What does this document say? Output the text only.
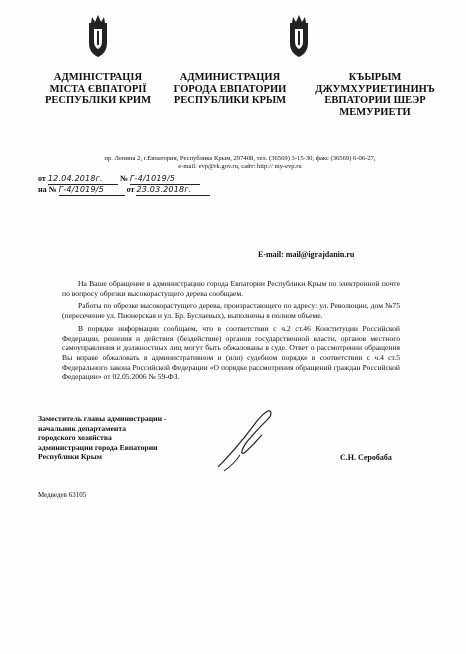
АДМІНІСТРАЦІЯ
МІСТА ЄВПАТОРІЇ
РЕСПУБЛІКИ КРИМ
АДМИНИСТРАЦИЯ
ГОРОДА ЕВПАТОРИИ
РЕСПУБЛИКИ КРЫМ
КЪЫРЫМ
ДЖУМХУРИЕТИНИНЪ
ЕВПАТОРИИ ШЕЭР
МЕМУРИЕТИ
пр. Ленина 2, г.Евпатория, Республика Крым, 297408, тел. (36569) 3-15-30, факс (36569) 6-06-27,
e-mail: evp@rk.gov.ru, сайт: http:// my-evp.ru
от 12.04.2018г. № Г-4/1019/5
на № Г-4/1019/5	от 23.03.2018г.
E-mail: mail@igrajdanin.ru

На Ваше обращение в администрацию города Евпатории Республики Крым по электронной почте по вопросу обрезки высокорастущего дерева сообщаем.

Работы по обрезке высокорастущего дерева, произрастающего по адресу: ул. Революции, дом №75 (пересечение ул. Пионерская и ул. Бр. Буслаевых), выполнены в полном объеме.

В порядке информации сообщаем, что в соответствии с ч.2 ст.46 Конституции Российской Федерации, решения и действия (бездействие) органов государственной власти, органов местного самоуправления и должностных лиц могут быть обжалованы в суде. Ответ о рассмотрении обращения Вы вправе обжаловать в административном и (или) судебном порядке в соответствии с ч.4 ст.5 Федерального закона Российской Федерации «О порядке рассмотрения обращений граждан Российской Федерации» от 02.05.2006 № 59-ФЗ.

Заместитель главы администрации -
начальник департамента
городского хозяйства
администрации города Евпатории
Республики Крым	С.Н. Серобаба
Медведев 63105
